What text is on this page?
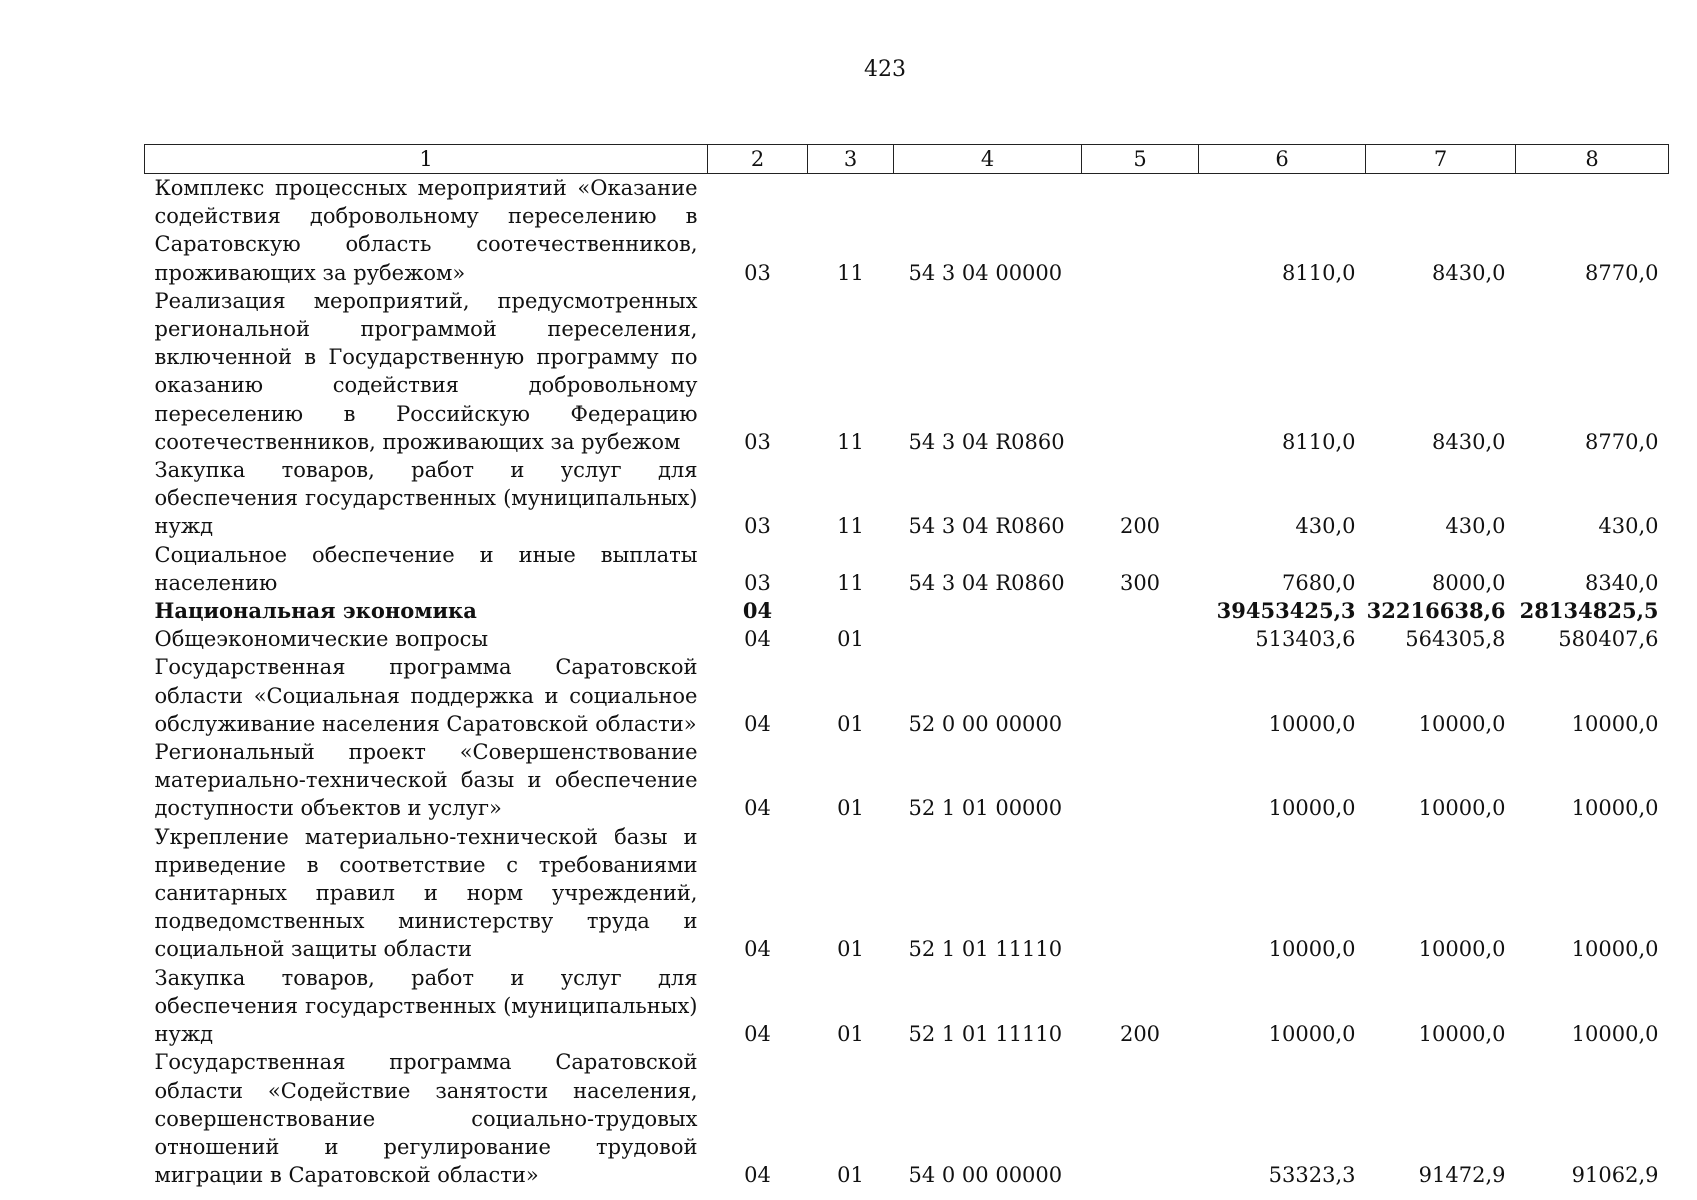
423
1	2	3	4	5	6	7	8
Комплекс процессных мероприятий «Оказание содействия добровольному переселению в Саратовскую область соотечественников, проживающих за рубежом»	03	11	54 3 04 00000		8110,0	8430,0	8770,0
Реализация мероприятий, предусмотренных региональной программой переселения, включенной в Государственную программу по оказанию содействия добровольному переселению в Российскую Федерацию соотечественников, проживающих за рубежом	03	11	54 3 04 R0860		8110,0	8430,0	8770,0
Закупка товаров, работ и услуг для обеспечения государственных (муниципальных) нужд	03	11	54 3 04 R0860	200	430,0	430,0	430,0
Социальное обеспечение и иные выплаты населению	03	11	54 3 04 R0860	300	7680,0	8000,0	8340,0
Национальная экономика	04				39453425,3	32216638,6	28134825,5
Общеэкономические вопросы	04	01			513403,6	564305,8	580407,6
Государственная программа Саратовской области «Социальная поддержка и социальное обслуживание населения Саратовской области»	04	01	52 0 00 00000		10000,0	10000,0	10000,0
Региональный проект «Совершенствование материально-технической базы и обеспечение доступности объектов и услуг»	04	01	52 1 01 00000		10000,0	10000,0	10000,0
Укрепление материально-технической базы и приведение в соответствие с требованиями санитарных правил и норм учреждений, подведомственных министерству труда и социальной защиты области	04	01	52 1 01 11110		10000,0	10000,0	10000,0
Закупка товаров, работ и услуг для обеспечения государственных (муниципальных) нужд	04	01	52 1 01 11110	200	10000,0	10000,0	10000,0
Государственная программа Саратовской области «Содействие занятости населения, совершенствование социально-трудовых отношений и регулирование трудовой миграции в Саратовской области»	04	01	54 0 00 00000		53323,3	91472,9	91062,9
